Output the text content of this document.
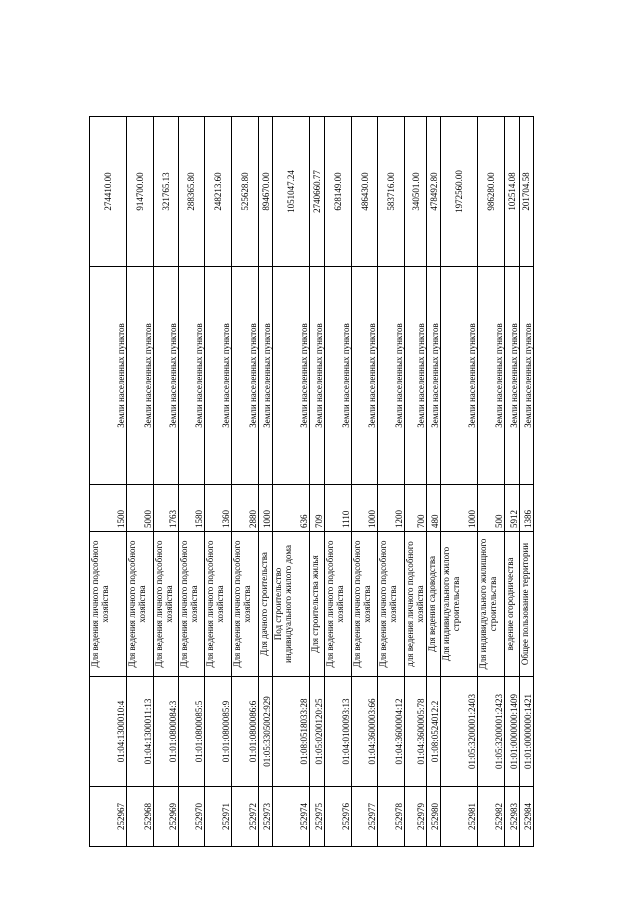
252967	01:04:1300010:4	Для ведения личного подсобного хозяйства	1500	Земли населенных пунктов	274410.00
252968	01:04:1300011:13	Для ведения личного подсобного хозяйства	5000	Земли населенных пунктов	914700.00
252969	01:01:0800084:3	Для ведения личного подсобного хозяйства	1763	Земли населенных пунктов	321765.13
252970	01:01:0800085:5	Для ведения личного подсобного хозяйства	1580	Земли населенных пунктов	288365.80
252971	01:01:0800085:9	Для ведения личного подсобного хозяйства	1360	Земли населенных пунктов	248213.60
252972	01:01:0800086:6	Для ведения личного подсобного хозяйства	2880	Земли населенных пунктов	525628.80
252973	01:05:3305002:929	Для дачного строительства	1000	Земли населенных пунктов	894670.00
252974	01:08:0518033:28	Под строительство индивидуального жилого дома	636	Земли населенных пунктов	1051047.24
252975	01:05:0200120:25	Для строительства жилья	709	Земли населенных пунктов	2740660.77
252976	01:04:0100093:13	Для ведения личного подсобного хозяйства	1110	Земли населенных пунктов	628149.00
252977	01:04:3600003:66	Для ведения личного подсобного хозяйства	1000	Земли населенных пунктов	486430.00
252978	01:04:3600004:12	Для ведения личного подсобного хозяйства	1200	Земли населенных пунктов	583716.00
252979	01:04:3600005:78	для ведения личного подсобного хозяйства	700	Земли населенных пунктов	340501.00
252980	01:08:0524012:2	Для ведения садоводства	480	Земли населенных пунктов	478492.80
252981	01:05:3200001:2403	Для индивидуального жилого строительства	1000	Земли населенных пунктов	1972560.00
252982	01:05:3200001:2423	Для индивидуального жилищного строительства	500	Земли населенных пунктов	986280.00
252983	01:01:0000000:1409	ведение огородничества	5912	Земли населенных пунктов	102514.08
252984	01:01:0000000:1421	Общее пользование территории	1386	Земли населенных пунктов	201704.58
